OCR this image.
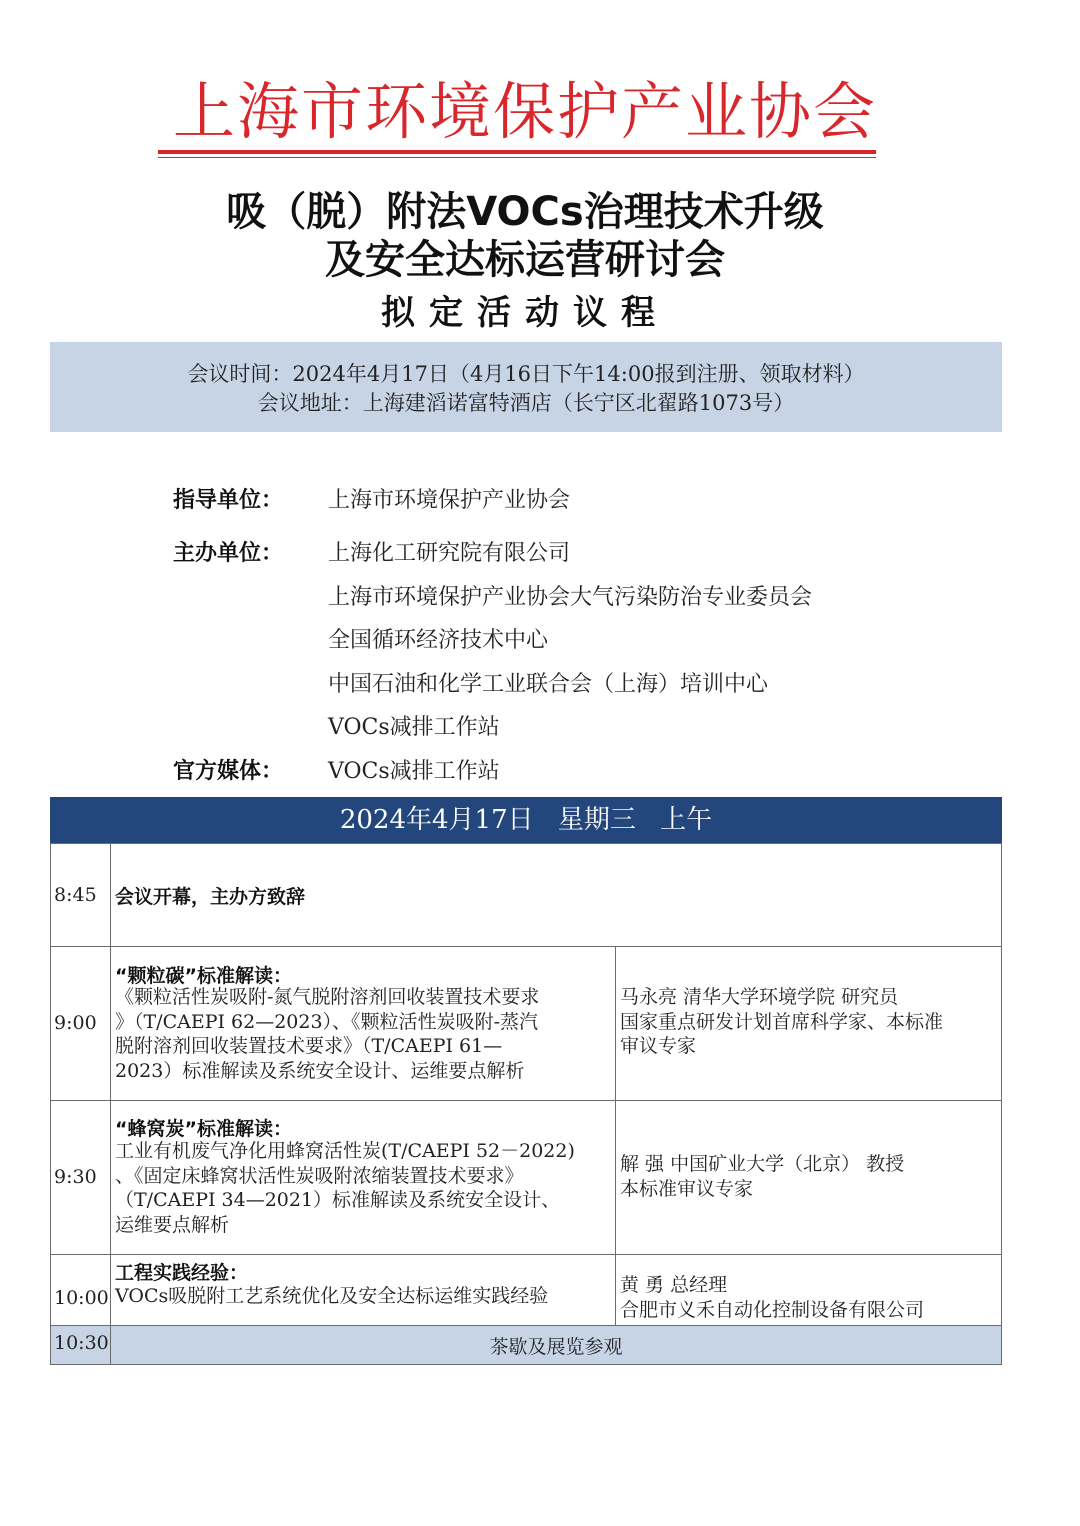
上海市环境保护产业协会
吸（脱）附法VOCs治理技术升级
及安全达标运营研讨会
拟定活动议程
会议时间：2024年4月17日（4月16日下午14:00报到注册、领取材料）
会议地址：上海建滔诺富特酒店（长宁区北翟路1073号）
指导单位： 上海市环境保护产业协会
主办单位： 上海化工研究院有限公司
上海市环境保护产业协会大气污染防治专业委员会
全国循环经济技术中心
中国石油和化学工业联合会（上海）培训中心
VOCs减排工作站
官方媒体： VOCs减排工作站
2024年4月17日 星期三 上午
8:45 会议开幕，主办方致辞
9:00
“颗粒碳”标准解读：
《颗粒活性炭吸附-氮气脱附溶剂回收装置技术要求
》（T/CAEPI 62—2023）、《颗粒活性炭吸附-蒸汽
脱附溶剂回收装置技术要求》（T/CAEPI 61—
2023）标准解读及系统安全设计、运维要点解析
马永亮 清华大学环境学院 研究员
国家重点研发计划首席科学家、本标准
审议专家
9:30
“蜂窝炭”标准解读：
工业有机废气净化用蜂窝活性炭(T/CAEPI 52－2022)
、《固定床蜂窝状活性炭吸附浓缩装置技术要求》
（T/CAEPI 34—2021）标准解读及系统安全设计、
运维要点解析
解 强 中国矿业大学（北京） 教授
本标准审议专家
10:00
工程实践经验：
VOCs吸脱附工艺系统优化及安全达标运维实践经验	黄 勇 总经理
合肥市义禾自动化控制设备有限公司
10:30	茶歇及展览参观
